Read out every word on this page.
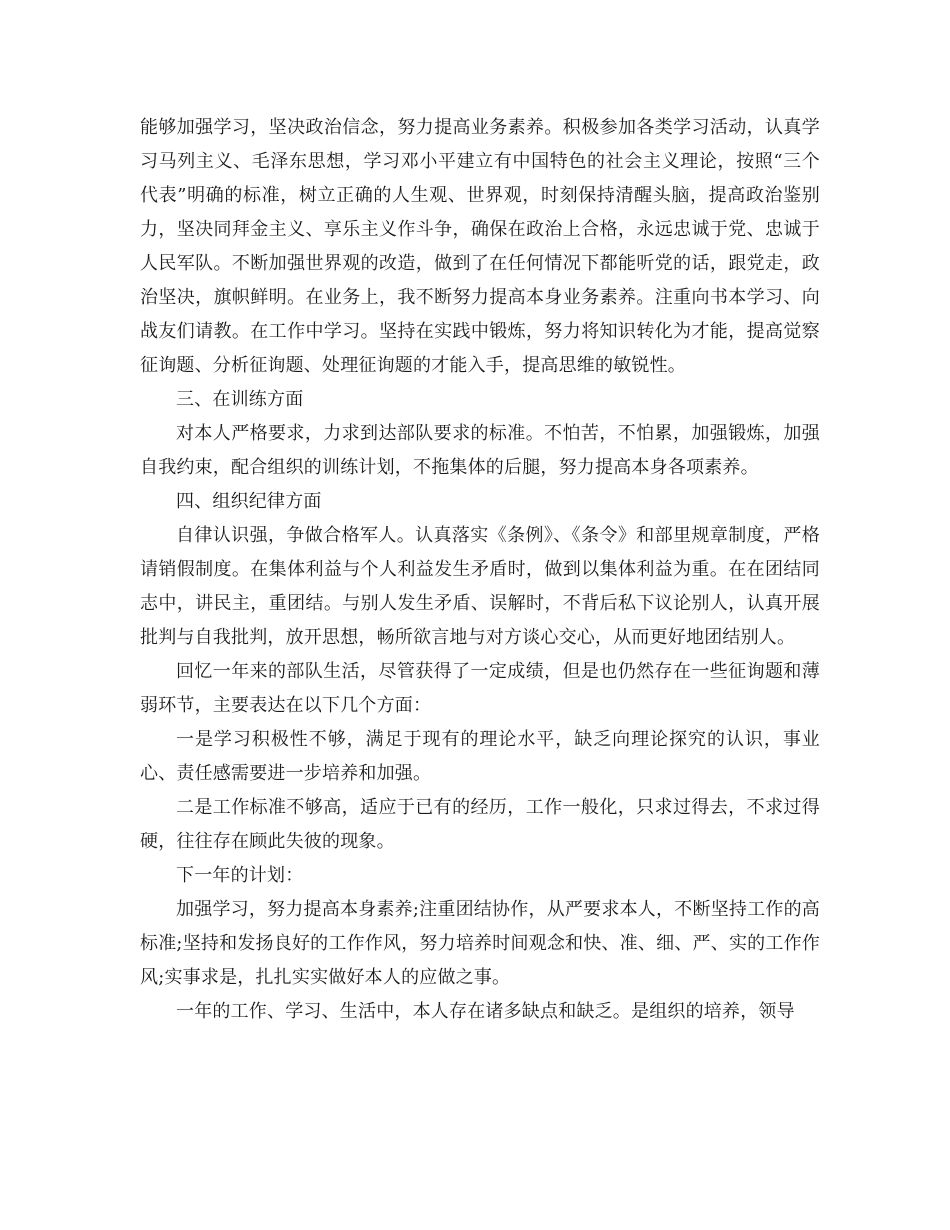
能够加强学习，坚决政治信念，努力提高业务素养。积极参加各类学习活动，认真学习马列主义、毛泽东思想，学习邓小平建立有中国特色的社会主义理论，按照“三个代表”明确的标准，树立正确的人生观、世界观，时刻保持清醒头脑，提高政治鉴别力，坚决同拜金主义、享乐主义作斗争，确保在政治上合格，永远忠诚于党、忠诚于人民军队。不断加强世界观的改造，做到了在任何情况下都能听党的话，跟党走，政治坚决，旗帜鲜明。在业务上，我不断努力提高本身业务素养。注重向书本学习、向战友们请教。在工作中学习。坚持在实践中锻炼，努力将知识转化为才能，提高觉察征询题、分析征询题、处理征询题的才能入手，提高思维的敏锐性。

三、在训练方面

对本人严格要求，力求到达部队要求的标准。不怕苦，不怕累，加强锻炼，加强自我约束，配合组织的训练计划，不拖集体的后腿，努力提高本身各项素养。

四、组织纪律方面

自律认识强，争做合格军人。认真落实《条例》、《条令》和部里规章制度，严格请销假制度。在集体利益与个人利益发生矛盾时，做到以集体利益为重。在在团结同志中，讲民主，重团结。与别人发生矛盾、误解时，不背后私下议论别人，认真开展批判与自我批判，放开思想，畅所欲言地与对方谈心交心，从而更好地团结别人。

回忆一年来的部队生活，尽管获得了一定成绩，但是也仍然存在一些征询题和薄弱环节，主要表达在以下几个方面：

一是学习积极性不够，满足于现有的理论水平，缺乏向理论探究的认识，事业心、责任感需要进一步培养和加强。

二是工作标准不够高，适应于已有的经历，工作一般化，只求过得去，不求过得硬，往往存在顾此失彼的现象。

下一年的计划：

加强学习，努力提高本身素养;注重团结协作，从严要求本人，不断坚持工作的高标准;坚持和发扬良好的工作作风，努力培养时间观念和快、准、细、严、实的工作作风;实事求是，扎扎实实做好本人的应做之事。

一年的工作、学习、生活中，本人存在诸多缺点和缺乏。是组织的培养，领导
